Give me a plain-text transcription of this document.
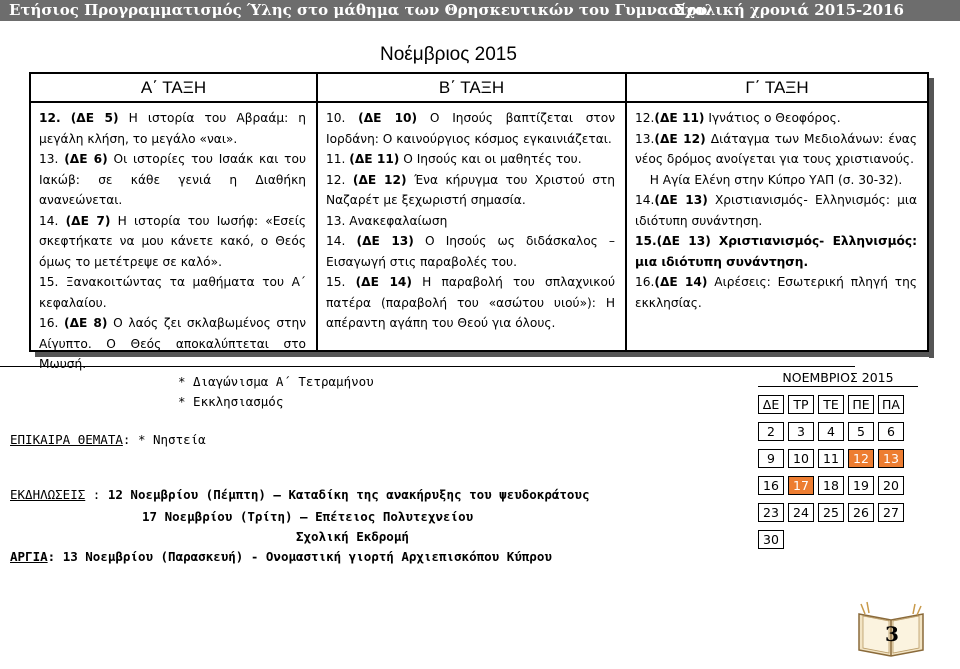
Ετήσιος Προγραμματισμός Ύλης στο μάθημα των Θρησκευτικών του Γυμνασίου
Σχολική χρονιά 2015-2016
Νοέμβριος 2015
Α΄ ΤΑΞΗ
12. (ΔΕ 5) Η ιστορία του Αβραάμ: η μεγάλη κλήση, το μεγάλο «ναι».
13. (ΔΕ 6) Οι ιστορίες του Ισαάκ και του Ιακώβ: σε κάθε γενιά η Διαθήκη ανανεώνεται.
14. (ΔΕ 7) Η ιστορία του Ιωσήφ: «Εσείς σκεφτήκατε να μου κάνετε κακό, ο Θεός όμως το μετέτρεψε σε καλό».
15. Ξανακοιτώντας τα μαθήματα του Α΄ κεφαλαίου.
16. (ΔΕ 8) Ο λαός ζει σκλαβωμένος στην Αίγυπτο. Ο Θεός αποκαλύπτεται στο Μωυσή.
Β΄ ΤΑΞΗ
10. (ΔΕ 10) Ο Ιησούς βαπτίζεται στον Ιορδάνη: Ο καινούργιος κόσμος εγκαινιάζεται.
11. (ΔΕ 11) Ο Ιησούς και οι μαθητές του.
12. (ΔΕ 12) Ένα κήρυγμα του Χριστού στη Ναζαρέτ με ξεχωριστή σημασία.
13. Ανακεφαλαίωση
14. (ΔΕ 13) Ο Ιησούς ως διδάσκαλος – Εισαγωγή στις παραβολές του.
15. (ΔΕ 14) Η παραβολή του σπλαχνικού πατέρα (παραβολή του «ασώτου υιού»): Η απέραντη αγάπη του Θεού για όλους.
Γ΄ ΤΑΞΗ
12.(ΔΕ 11) Ιγνάτιος ο Θεοφόρος.
13.(ΔΕ 12) Διάταγμα των Μεδιολάνων: ένας νέος δρόμος ανοίγεται για τους χριστιανούς.
Η Αγία Ελένη στην Κύπρο ΥΑΠ (σ. 30-32).
14.(ΔΕ 13) Χριστιανισμός- Ελληνισμός: μια ιδιότυπη συνάντηση.
15.(ΔΕ 13) Χριστιανισμός- Ελληνισμός: μια ιδιότυπη συνάντηση.
16.(ΔΕ 14) Αιρέσεις: Εσωτερική πληγή της εκκλησίας.
* Διαγώνισμα Α΄ Τετραμήνου
* Εκκλησιασμός
ΕΠΙΚΑΙΡΑ ΘΕΜΑΤΑ: * Νηστεία
ΕΚΔΗΛΩΣΕΙΣ : 12 Νοεμβρίου (Πέμπτη) – Καταδίκη της ανακήρυξης του ψευδοκράτους
17 Νοεμβρίου (Τρίτη) – Επέτειος Πολυτεχνείου
Σχολική Εκδρομή
ΑΡΓΙΑ: 13 Νοεμβρίου (Παρασκευή) - Ονομαστική γιορτή Αρχιεπισκόπου Κύπρου
ΝΟΕΜΒΡΙΟΣ 2015
ΔΕ	ΤΡ	ΤΕ	ΠΕ	ΠΑ
2	3	4	5	6
9	10	11	12	13
16	17	18	19	20
23	24	25	26	27
30				
3
